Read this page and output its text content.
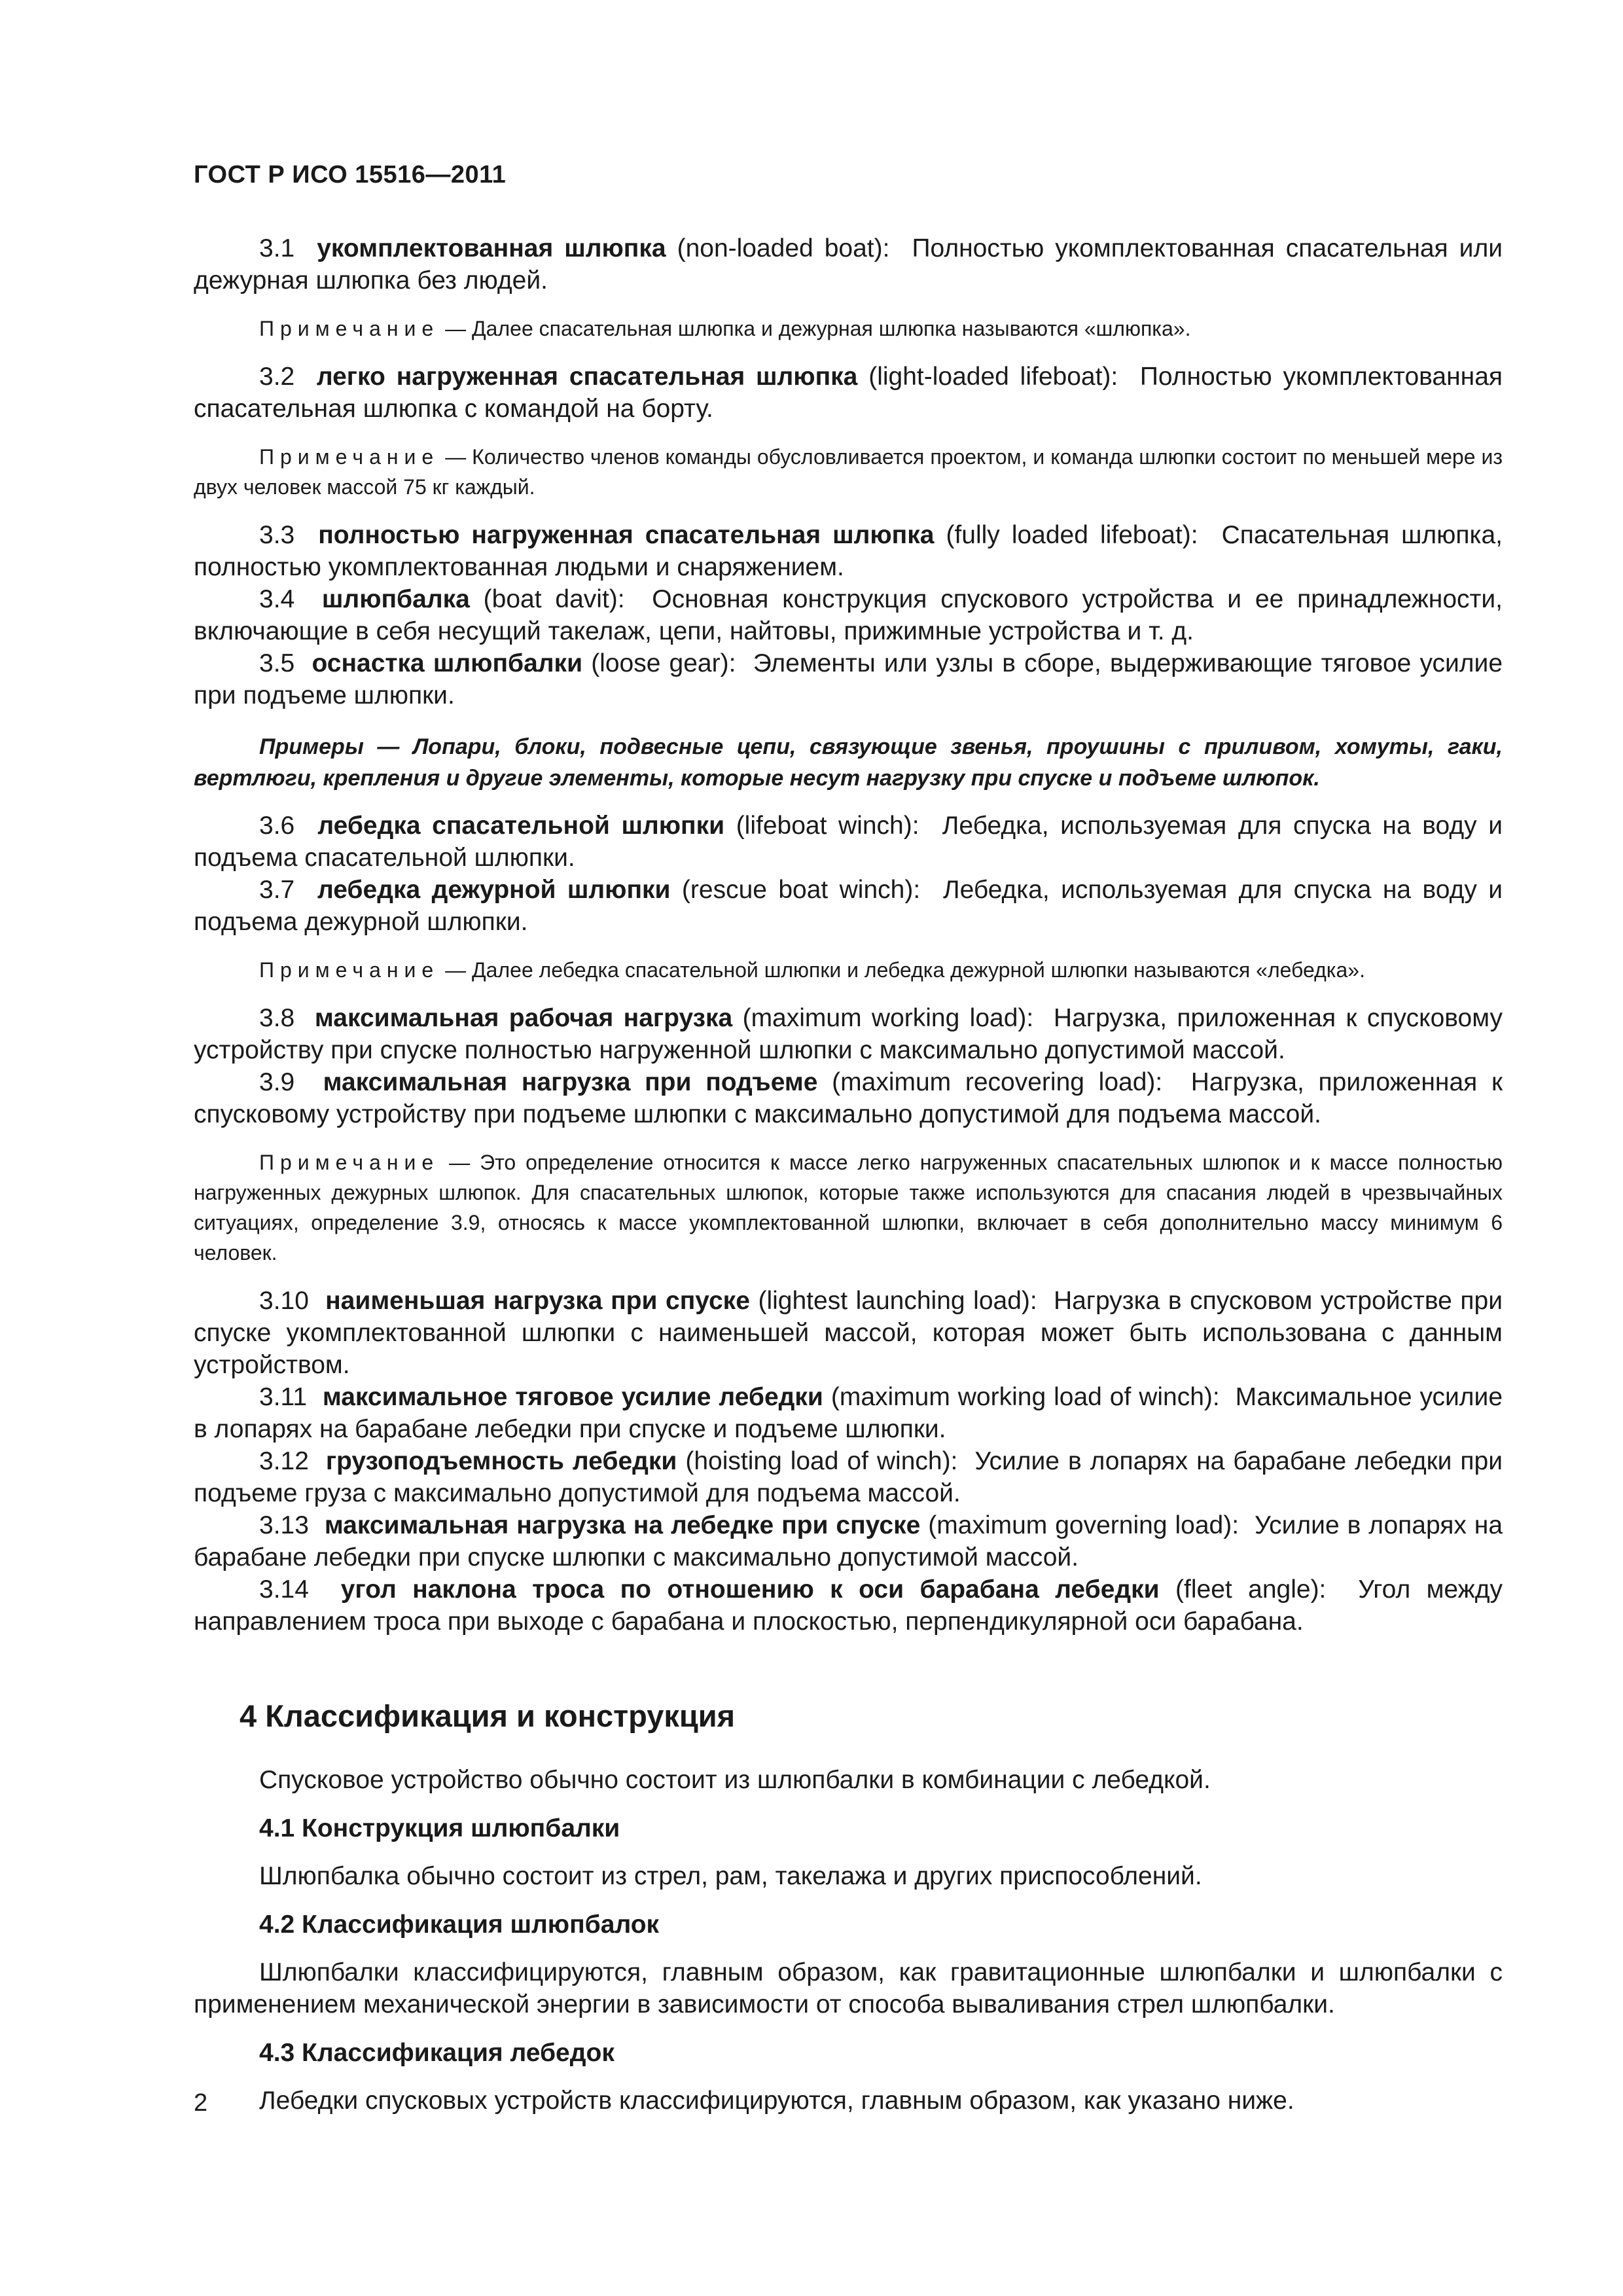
ГОСТ Р ИСО 15516—2011

3.1 укомплектованная шлюпка (non-loaded boat): Полностью укомплектованная спасательная или дежурная шлюпка без людей.

Примечание — Далее спасательная шлюпка и дежурная шлюпка называются «шлюпка».

3.2 легко нагруженная спасательная шлюпка (light-loaded lifeboat): Полностью укомплектованная спасательная шлюпка с командой на борту.

Примечание — Количество членов команды обусловливается проектом, и команда шлюпки состоит по меньшей мере из двух человек массой 75 кг каждый.

3.3 полностью нагруженная спасательная шлюпка (fully loaded lifeboat): Спасательная шлюпка, полностью укомплектованная людьми и снаряжением.

3.4 шлюпбалка (boat davit): Основная конструкция спускового устройства и ее принадлежности, включающие в себя несущий такелаж, цепи, найтовы, прижимные устройства и т. д.

3.5 оснастка шлюпбалки (loose gear): Элементы или узлы в сборе, выдерживающие тяговое усилие при подъеме шлюпки.

Примеры — Лопари, блоки, подвесные цепи, связующие звенья, проушины с приливом, хомуты, гаки, вертлюги, крепления и другие элементы, которые несут нагрузку при спуске и подъеме шлюпок.

3.6 лебедка спасательной шлюпки (lifeboat winch): Лебедка, используемая для спуска на воду и подъема спасательной шлюпки.

3.7 лебедка дежурной шлюпки (rescue boat winch): Лебедка, используемая для спуска на воду и подъема дежурной шлюпки.

Примечание — Далее лебедка спасательной шлюпки и лебедка дежурной шлюпки называются «лебедка».

3.8 максимальная рабочая нагрузка (maximum working load): Нагрузка, приложенная к спусковому устройству при спуске полностью нагруженной шлюпки с максимально допустимой массой.

3.9 максимальная нагрузка при подъеме (maximum recovering load): Нагрузка, приложенная к спусковому устройству при подъеме шлюпки с максимально допустимой для подъема массой.

Примечание — Это определение относится к массе легко нагруженных спасательных шлюпок и к массе полностью нагруженных дежурных шлюпок. Для спасательных шлюпок, которые также используются для спасания людей в чрезвычайных ситуациях, определение 3.9, относясь к массе укомплектованной шлюпки, включает в себя дополнительно массу минимум 6 человек.

3.10 наименьшая нагрузка при спуске (lightest launching load): Нагрузка в спусковом устройстве при спуске укомплектованной шлюпки с наименьшей массой, которая может быть использована с данным устройством.

3.11 максимальное тяговое усилие лебедки (maximum working load of winch): Максимальное усилие в лопарях на барабане лебедки при спуске и подъеме шлюпки.

3.12 грузоподъемность лебедки (hoisting load of winch): Усилие в лопарях на барабане лебедки при подъеме груза с максимально допустимой для подъема массой.

3.13 максимальная нагрузка на лебедке при спуске (maximum governing load): Усилие в лопарях на барабане лебедки при спуске шлюпки с максимально допустимой массой.

3.14 угол наклона троса по отношению к оси барабана лебедки (fleet angle): Угол между направлением троса при выходе с барабана и плоскостью, перпендикулярной оси барабана.

4 Классификация и конструкция

Спусковое устройство обычно состоит из шлюпбалки в комбинации с лебедкой.

4.1 Конструкция шлюпбалки

Шлюпбалка обычно состоит из стрел, рам, такелажа и других приспособлений.

4.2 Классификация шлюпбалок

Шлюпбалки классифицируются, главным образом, как гравитационные шлюпбалки и шлюпбалки с применением механической энергии в зависимости от способа вываливания стрел шлюпбалки.

4.3 Классификация лебедок

Лебедки спусковых устройств классифицируются, главным образом, как указано ниже.

2
